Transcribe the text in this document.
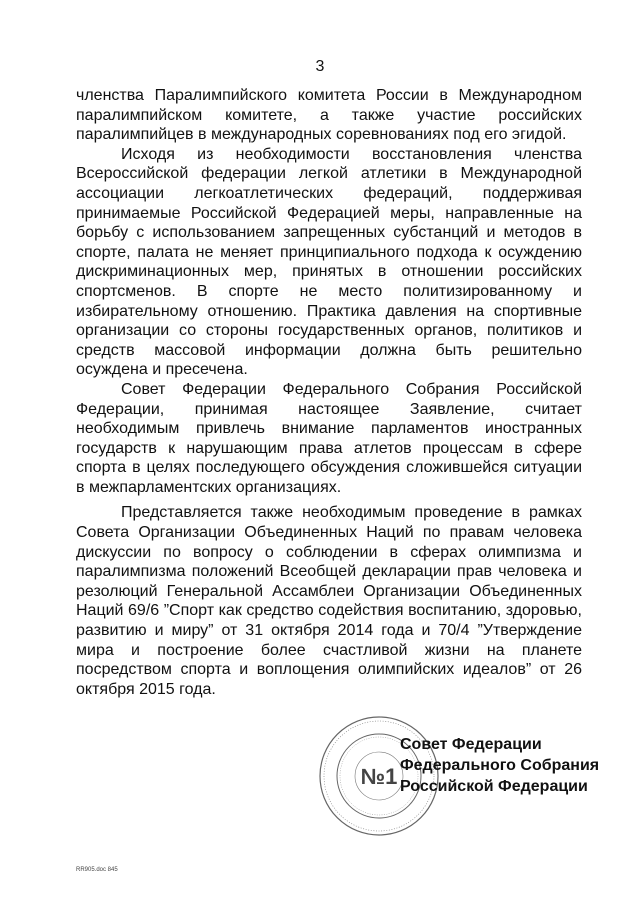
3

членства Паралимпийского комитета России в Международном паралимпийском комитете, а также участие российских паралимпийцев в международных соревнованиях под его эгидой.

Исходя из необходимости восстановления членства Всероссийской федерации легкой атлетики в Международной ассоциации легкоатлетических федераций, поддерживая принимаемые Российской Федерацией меры, направленные на борьбу с использованием запрещенных субстанций и методов в спорте, палата не меняет принципиального подхода к осуждению дискриминационных мер, принятых в отношении российских спортсменов. В спорте не место политизированному и избирательному отношению. Практика давления на спортивные организации со стороны государственных органов, политиков и средств массовой информации должна быть решительно осуждена и пресечена.

Совет Федерации Федерального Собрания Российской Федерации, принимая настоящее Заявление, считает необходимым привлечь внимание парламентов иностранных государств к нарушающим права атлетов процессам в сфере спорта в целях последующего обсуждения сложившейся ситуации в межпарламентских организациях.

Представляется также необходимым проведение в рамках Совета Организации Объединенных Наций по правам человека дискуссии по вопросу о соблюдении в сферах олимпизма и паралимпизма положений Всеобщей декларации прав человека и резолюций Генеральной Ассамблеи Организации Объединенных Наций 69/6 ”Спорт как средство содействия воспитанию, здоровью, развитию и миру” от 31 октября 2014 года и 70/4 ”Утверждение мира и построение более счастливой жизни на планете посредством спорта и воплощения олимпийских идеалов” от 26 октября 2015 года.

№1
Совет Федерации
Федерального Собрания
Российской Федерации
RR905.doc 845
